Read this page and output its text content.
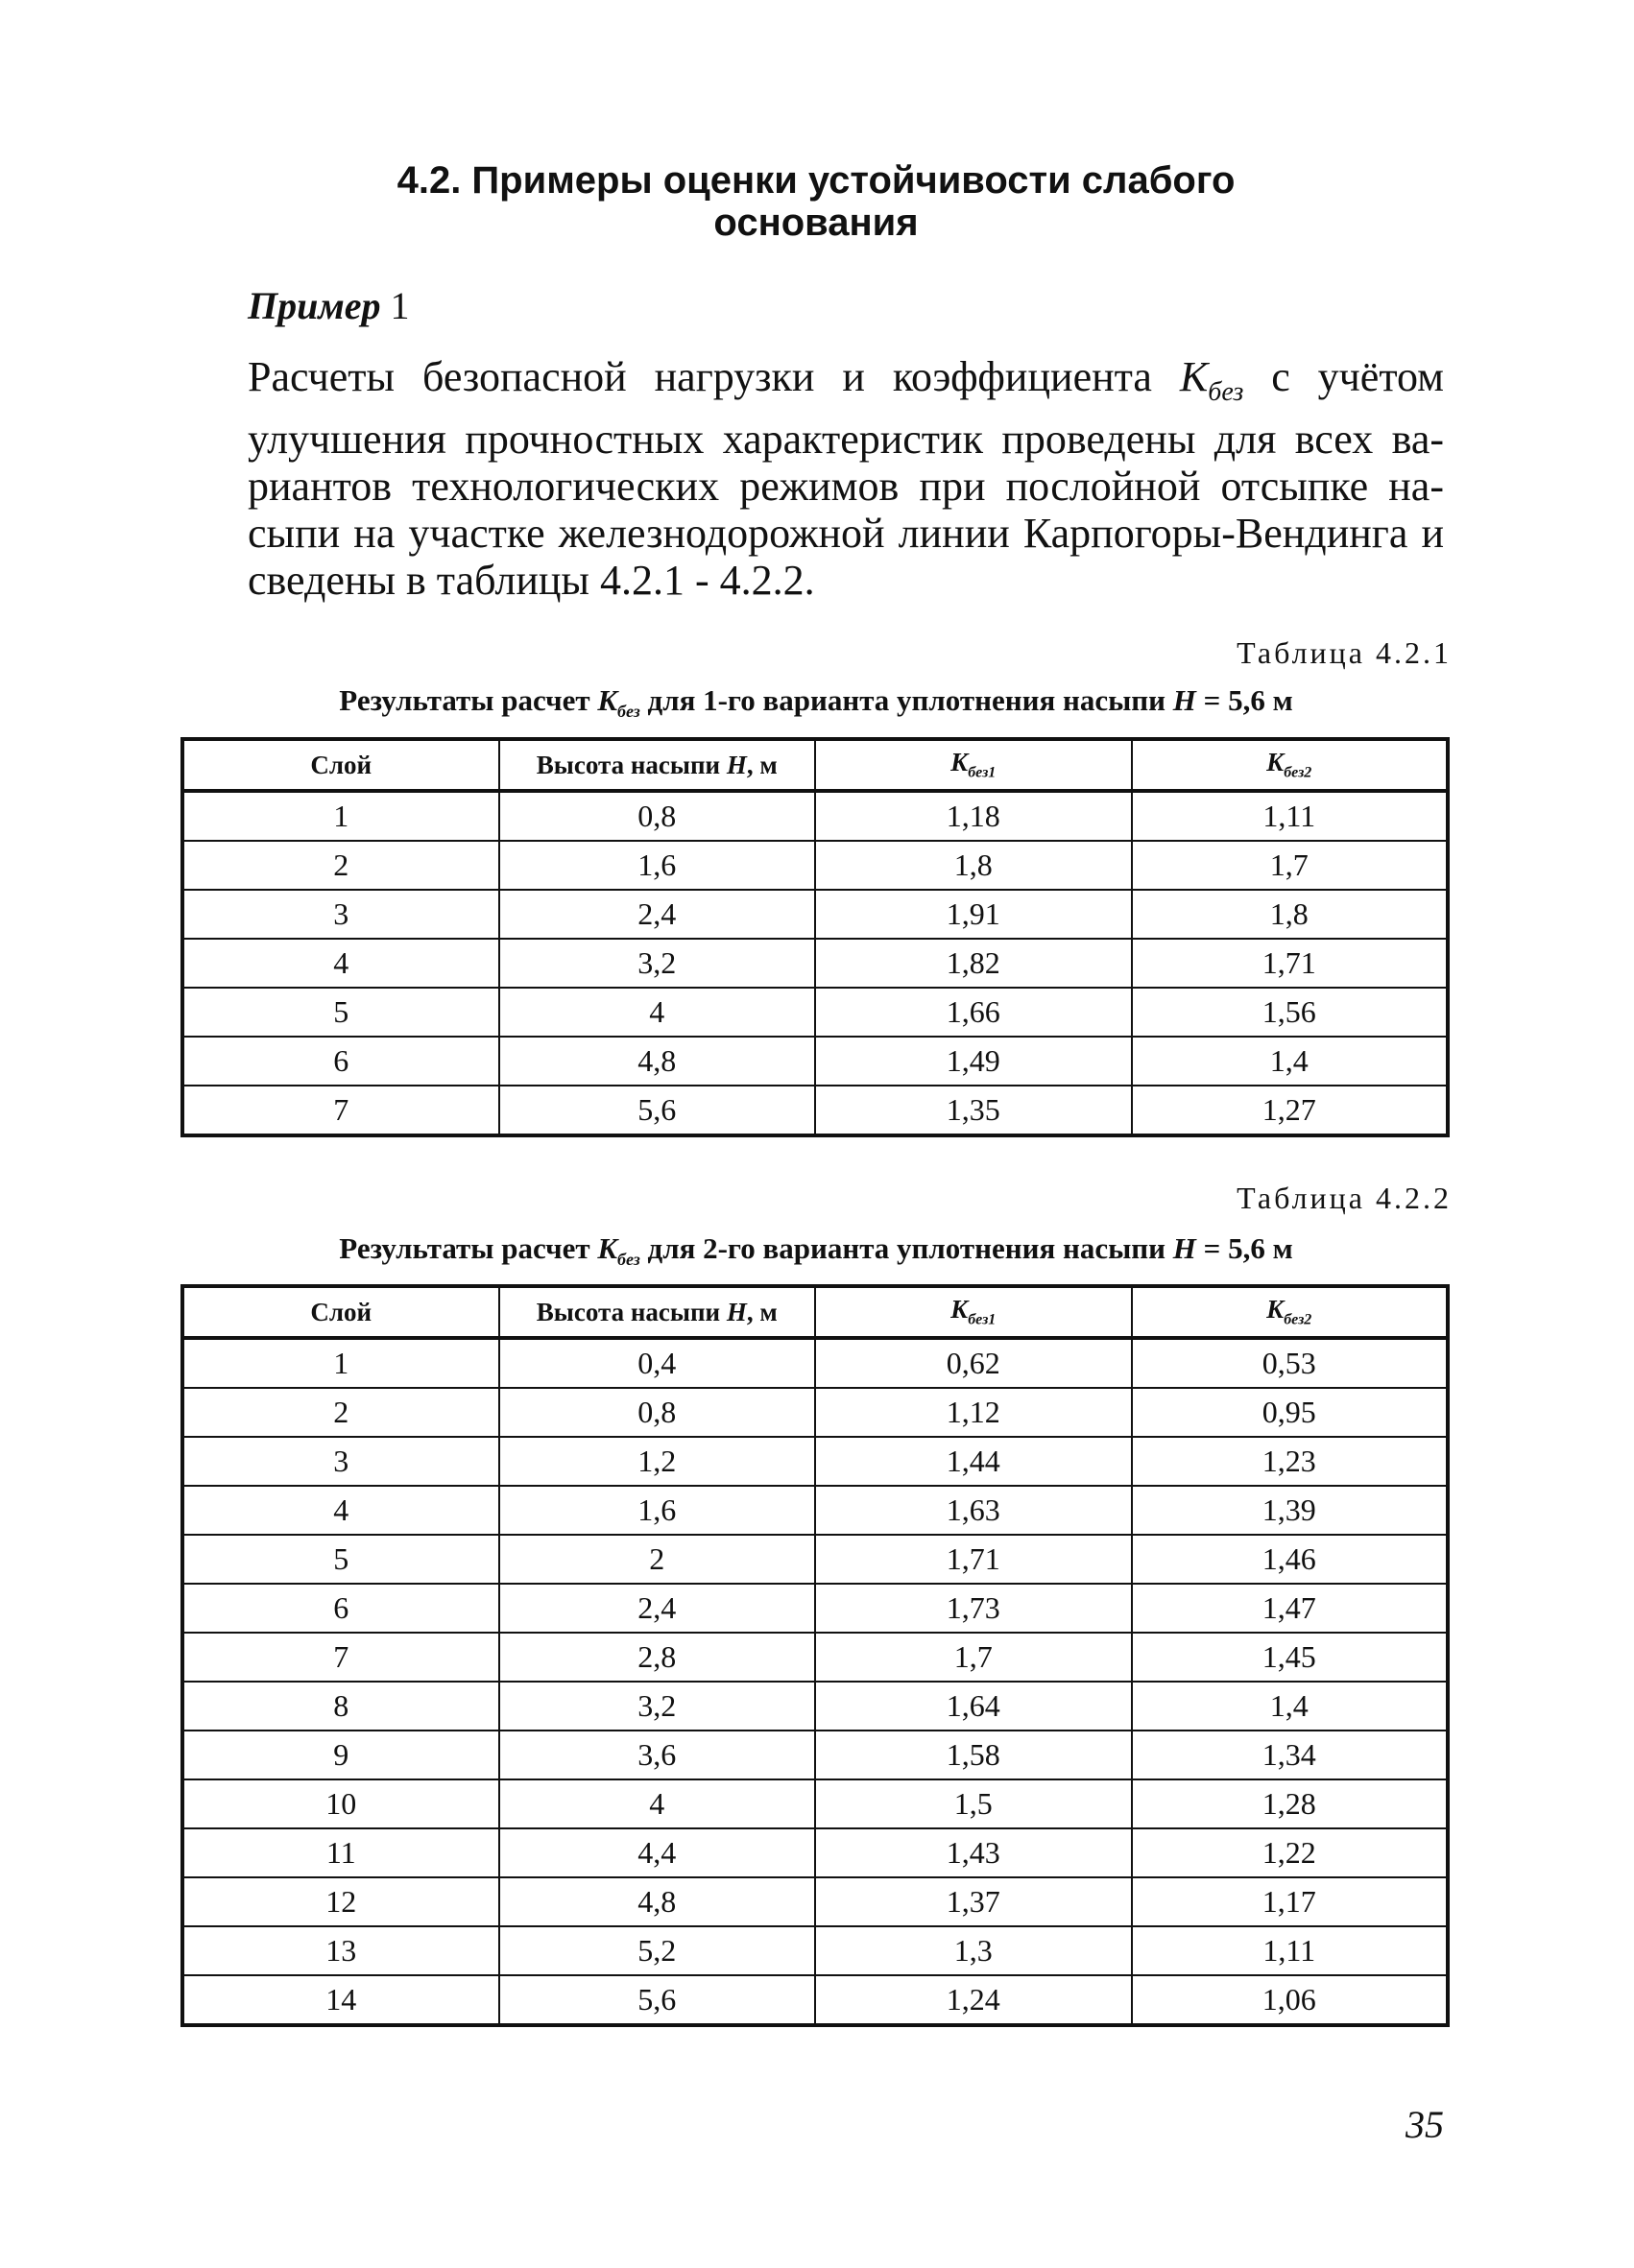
4.2. Примеры оценки устойчивости слабого
основания
Пример 1

Расчеты безопасной нагрузки и коэффициента $K_{без}$ с учётом улучшения прочностных характеристик проведены для всех ва-риантов технологических режимов при послойной отсыпке на-сыпи на участке железнодорожной линии Карпогоры-Вендинга и сведены в таблицы 4.2.1 - 4.2.2.

Таблица 4.2.1
Результаты расчет $K_{без}$ для 1-го варианта уплотнения насыпи H = 5,6 м
Слой	Высота насыпи H, м	$K_{без1}$	$K_{без2}$
1	0,8	1,18	1,11
2	1,6	1,8	1,7
3	2,4	1,91	1,8
4	3,2	1,82	1,71
5	4	1,66	1,56
6	4,8	1,49	1,4
7	5,6	1,35	1,27
Таблица 4.2.2
Результаты расчет $K_{без}$ для 2-го варианта уплотнения насыпи H = 5,6 м
Слой	Высота насыпи H, м	$K_{без1}$	$K_{без2}$
1	0,4	0,62	0,53
2	0,8	1,12	0,95
3	1,2	1,44	1,23
4	1,6	1,63	1,39
5	2	1,71	1,46
6	2,4	1,73	1,47
7	2,8	1,7	1,45
8	3,2	1,64	1,4
9	3,6	1,58	1,34
10	4	1,5	1,28
11	4,4	1,43	1,22
12	4,8	1,37	1,17
13	5,2	1,3	1,11
14	5,6	1,24	1,06
35
